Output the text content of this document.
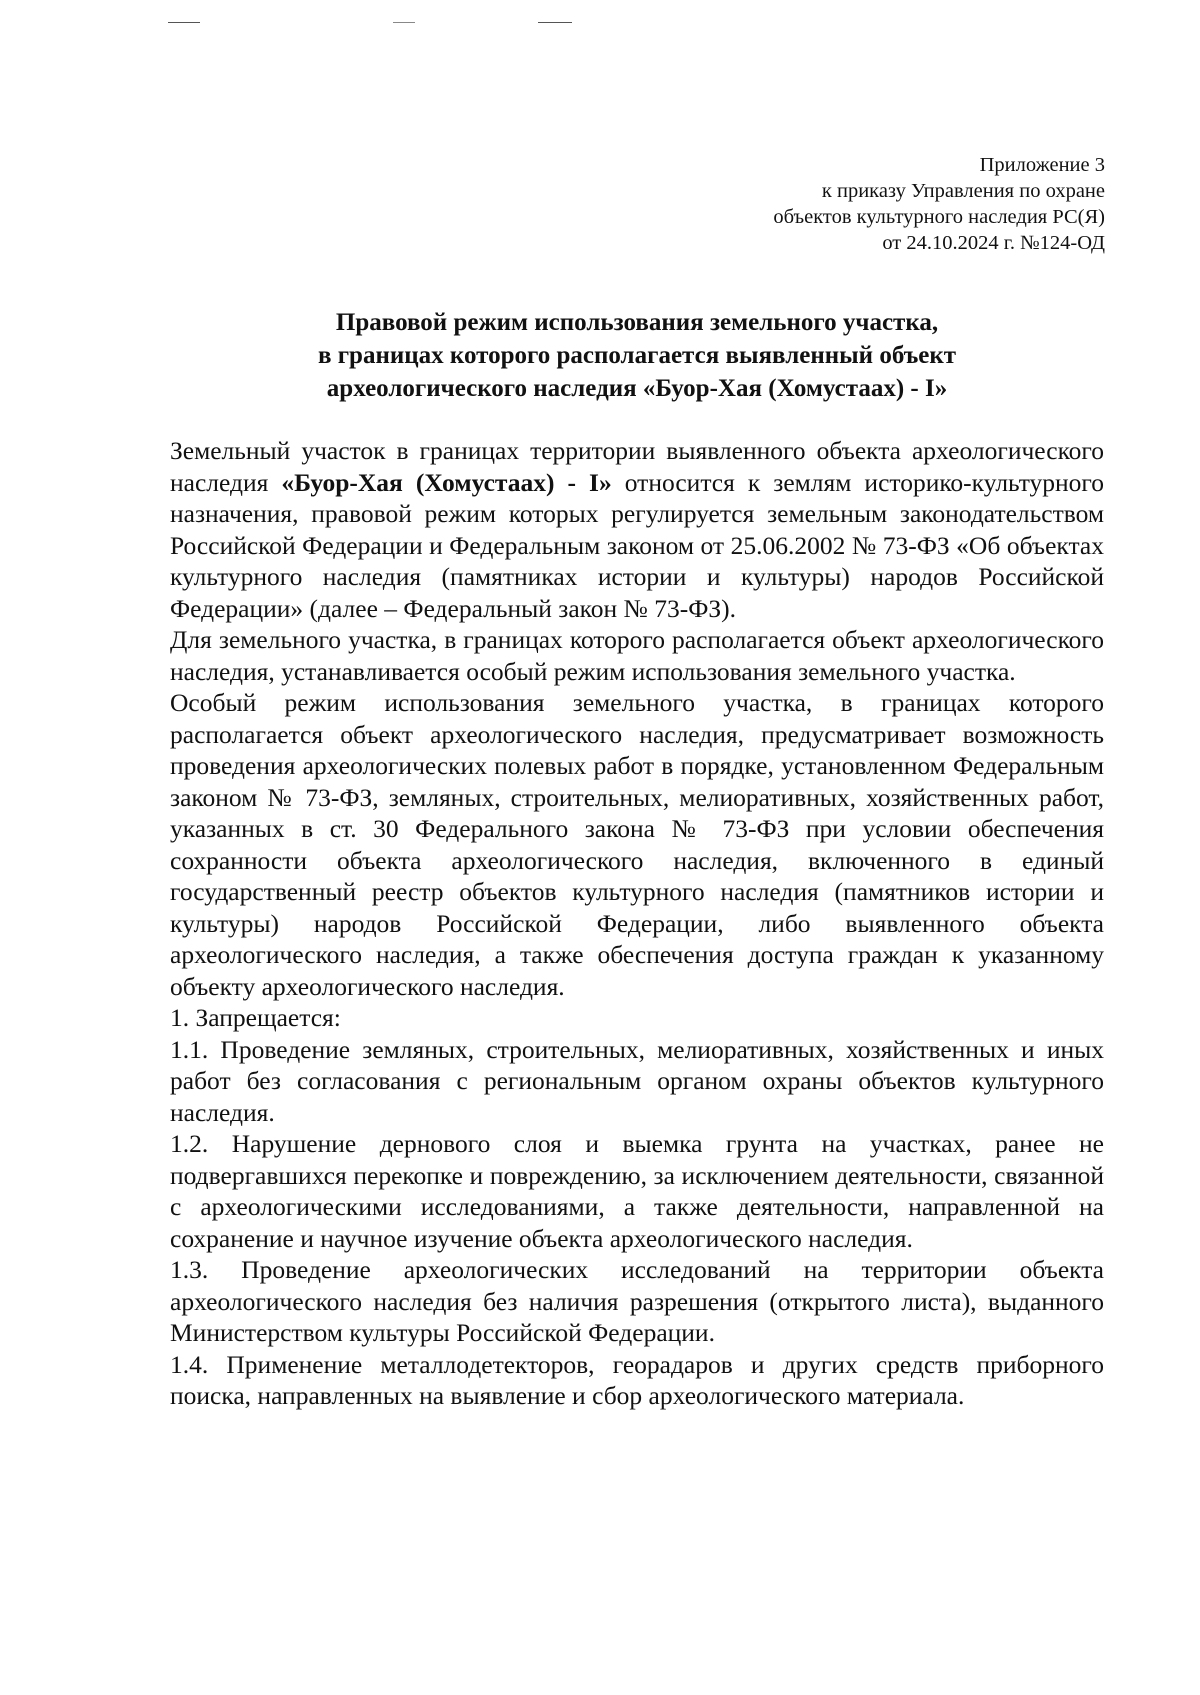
Приложение 3
к приказу Управления по охране
объектов культурного наследия РС(Я)
от 24.10.2024 г. №124-ОД
Правовой режим использования земельного участка,
в границах которого располагается выявленный объект
археологического наследия «Буор-Хая (Хомустаах) - I»

Земельный участок в границах территории выявленного объекта археологического наследия «Буор-Хая (Хомустаах) - I» относится к землям историко-культурного назначения, правовой режим которых регулируется земельным законодательством Российской Федерации и Федеральным законом от 25.06.2002 № 73-ФЗ «Об объектах культурного наследия (памятниках истории и культуры) народов Российской Федерации» (далее – Федеральный закон № 73-ФЗ).

Для земельного участка, в границах которого располагается объект археологического наследия, устанавливается особый режим использования земельного участка.

Особый режим использования земельного участка, в границах которого располагается объект археологического наследия, предусматривает возможность проведения археологических полевых работ в порядке, установленном Федеральным законом № 73-ФЗ, земляных, строительных, мелиоративных, хозяйственных работ, указанных в ст. 30 Федерального закона № 73-ФЗ при условии обеспечения сохранности объекта археологического наследия, включенного в единый государственный реестр объектов культурного наследия (памятников истории и культуры) народов Российской Федерации, либо выявленного объекта археологического наследия, а также обеспечения доступа граждан к указанному объекту археологического наследия.

1. Запрещается:

1.1. Проведение земляных, строительных, мелиоративных, хозяйственных и иных работ без согласования с региональным органом охраны объектов культурного наследия.

1.2. Нарушение дернового слоя и выемка грунта на участках, ранее не подвергавшихся перекопке и повреждению, за исключением деятельности, связанной с археологическими исследованиями, а также деятельности, направленной на сохранение и научное изучение объекта археологического наследия.

1.3. Проведение археологических исследований на территории объекта археологического наследия без наличия разрешения (открытого листа), выданного Министерством культуры Российской Федерации.

1.4. Применение металлодетекторов, георадаров и других средств приборного поиска, направленных на выявление и сбор археологического материала.
